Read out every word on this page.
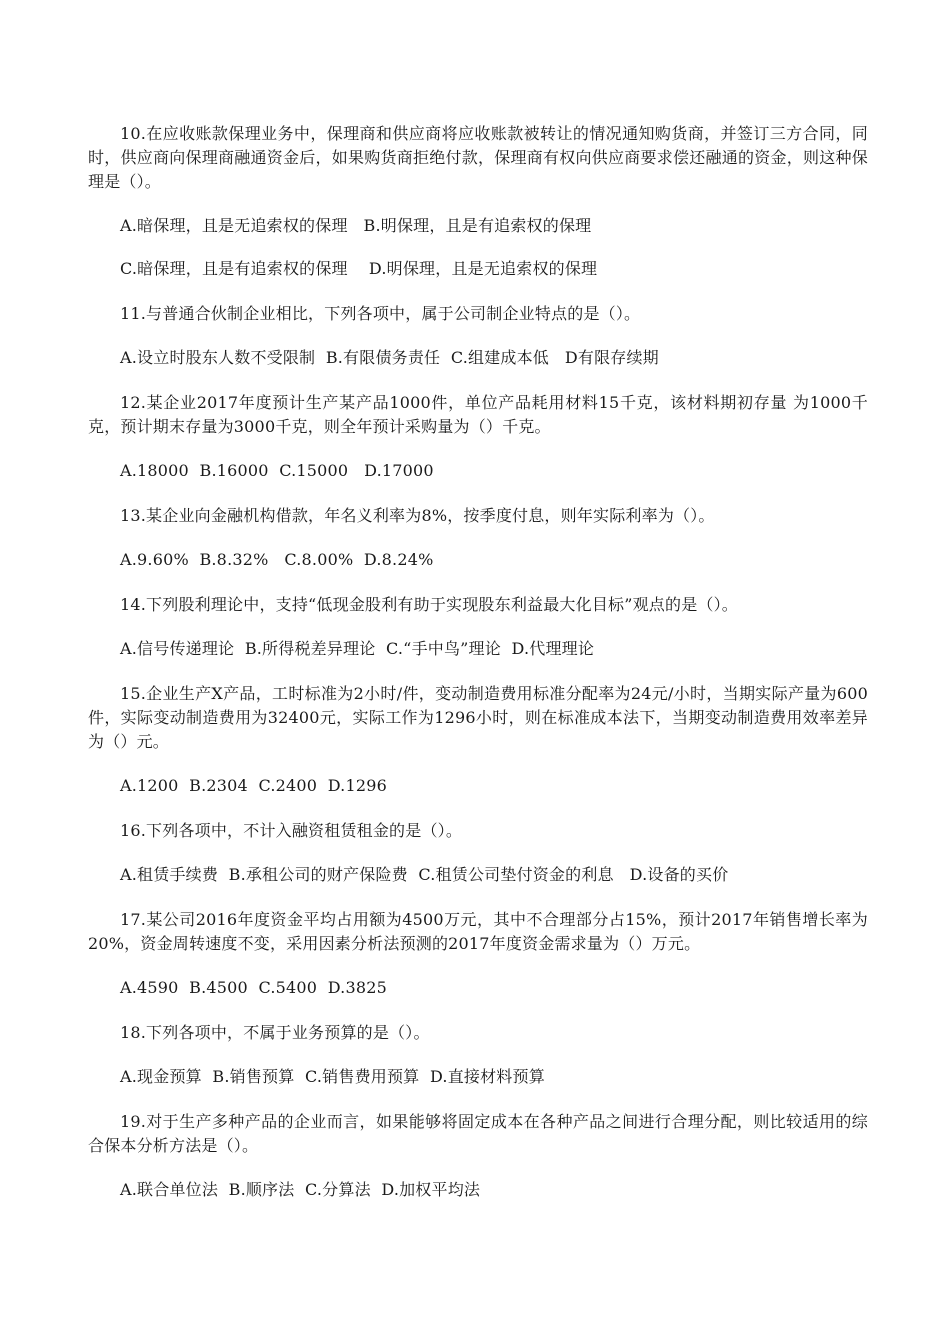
10.在应收账款保理业务中，保理商和供应商将应收账款被转让的情况通知购货商，并签订三方合同，同时，供应商向保理商融通资金后，如果购货商拒绝付款，保理商有权向供应商要求偿还融通的资金，则这种保理是（）。

A.暗保理，且是无追索权的保理   B.明保理，且是有追索权的保理

C.暗保理，且是有追索权的保理    D.明保理，且是无追索权的保理

11.与普通合伙制企业相比，下列各项中，属于公司制企业特点的是（）。

A.设立时股东人数不受限制  B.有限债务责任  C.组建成本低   D有限存续期

12.某企业2017年度预计生产某产品1000件，单位产品耗用材料15千克，该材料期初存量 为1000千克，预计期末存量为3000千克，则全年预计采购量为（）千克。

A.18000  B.16000  C.15000   D.17000

13.某企业向金融机构借款，年名义利率为8%，按季度付息，则年实际利率为（）。

A.9.60%  B.8.32%   C.8.00%  D.8.24%

14.下列股利理论中，支持“低现金股利有助于实现股东利益最大化目标”观点的是（）。

A.信号传递理论  B.所得税差异理论  C.“手中鸟”理论  D.代理理论

15.企业生产X产品，工时标准为2小时/件，变动制造费用标准分配率为24元/小时，当期实际产量为600件，实际变动制造费用为32400元，实际工作为1296小时，则在标准成本法下，当期变动制造费用效率差异为（）元。

A.1200  B.2304  C.2400  D.1296

16.下列各项中，不计入融资租赁租金的是（）。

A.租赁手续费  B.承租公司的财产保险费  C.租赁公司垫付资金的利息   D.设备的买价

17.某公司2016年度资金平均占用额为4500万元，其中不合理部分占15%，预计2017年销售增长率为20%，资金周转速度不变，采用因素分析法预测的2017年度资金需求量为（）万元。

A.4590  B.4500  C.5400  D.3825

18.下列各项中，不属于业务预算的是（）。

A.现金预算  B.销售预算  C.销售费用预算  D.直接材料预算

19.对于生产多种产品的企业而言，如果能够将固定成本在各种产品之间进行合理分配，则比较适用的综合保本分析方法是（）。

A.联合单位法  B.顺序法  C.分算法  D.加权平均法
